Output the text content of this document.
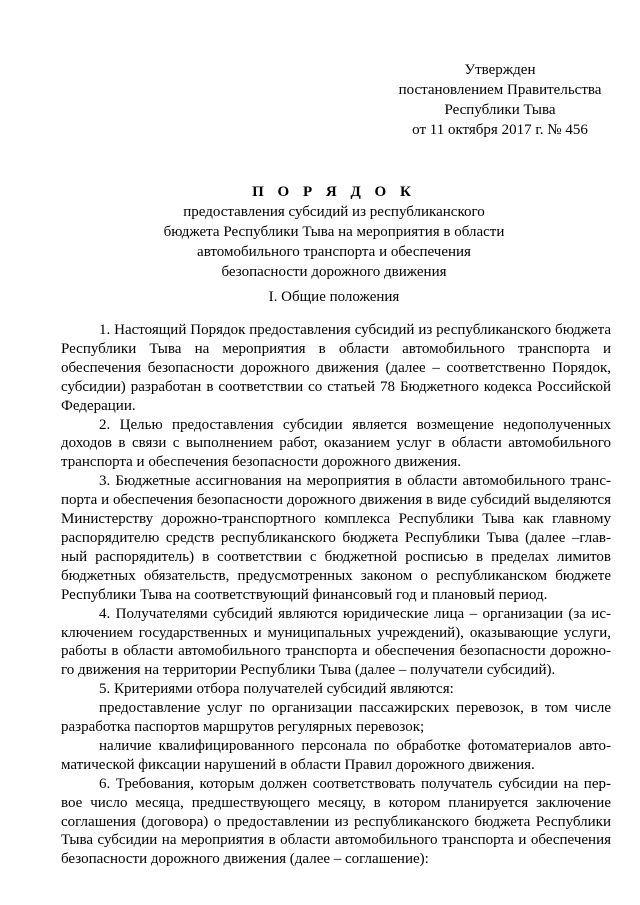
Утвержден
постановлением Правительства
Республики Тыва
от 11 октября 2017 г. № 456
П О Р Я Д О К
предоставления субсидий из республиканского
бюджета Республики Тыва на мероприятия в области
автомобильного транспорта и обеспечения
безопасности дорожного движения
I. Общие положения

1. Настоящий Порядок предоставления субсидий из республиканского бюджета Республики Тыва на мероприятия в области автомобильного транспорта и обеспечения безопасности дорожного движения (далее – соответственно Порядок, субсидии) разработан в соответствии со статьей 78 Бюджетного кодекса Российской Федерации.

2. Целью предоставления субсидии является возмещение недополученных доходов в связи с выполнением работ, оказанием услуг в области автомобильного транспорта и обеспечения безопасности дорожного движения.

3. Бюджетные ассигнования на мероприятия в области автомобильного транспорта и обеспечения безопасности дорожного движения в виде субсидий выделяются Министерству дорожно-транспортного комплекса Республики Тыва как главному распорядителю средств республиканского бюджета Республики Тыва (далее –главный распорядитель) в соответствии с бюджетной росписью в пределах лимитов бюджетных обязательств, предусмотренных законом о республиканском бюджете Республики Тыва на соответствующий финансовый год и плановый период.

4. Получателями субсидий являются юридические лица – организации (за исключением государственных и муниципальных учреждений), оказывающие услуги, работы в области автомобильного транспорта и обеспечения безопасности дорожного движения на территории Республики Тыва (далее – получатели субсидий).

5. Критериями отбора получателей субсидий являются:

предоставление услуг по организации пассажирских перевозок, в том числе разработка паспортов маршрутов регулярных перевозок;

наличие квалифицированного персонала по обработке фотоматериалов автоматической фиксации нарушений в области Правил дорожного движения.

6. Требования, которым должен соответствовать получатель субсидии на первое число месяца, предшествующего месяцу, в котором планируется заключение соглашения (договора) о предоставлении из республиканского бюджета Республики Тыва субсидии на мероприятия в области автомобильного транспорта и обеспечения безопасности дорожного движения (далее – соглашение):
